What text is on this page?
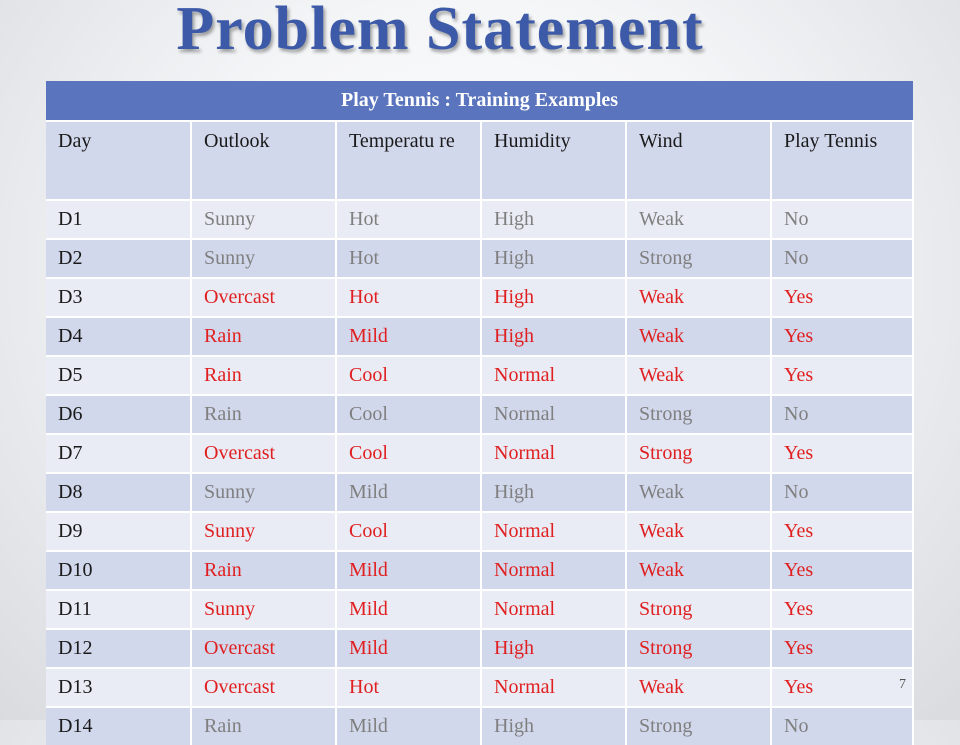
Problem Statement
Play Tennis : Training Examples					
Day	Outlook	Temperatu re	Humidity	Wind	Play Tennis
D1	Sunny	Hot	High	Weak	No
D2	Sunny	Hot	High	Strong	No
D3	Overcast	Hot	High	Weak	Yes
D4	Rain	Mild	High	Weak	Yes
D5	Rain	Cool	Normal	Weak	Yes
D6	Rain	Cool	Normal	Strong	No
D7	Overcast	Cool	Normal	Strong	Yes
D8	Sunny	Mild	High	Weak	No
D9	Sunny	Cool	Normal	Weak	Yes
D10	Rain	Mild	Normal	Weak	Yes
D11	Sunny	Mild	Normal	Strong	Yes
D12	Overcast	Mild	High	Strong	Yes
D13	Overcast	Hot	Normal	Weak	Yes
D14	Rain	Mild	High	Strong	No
7
